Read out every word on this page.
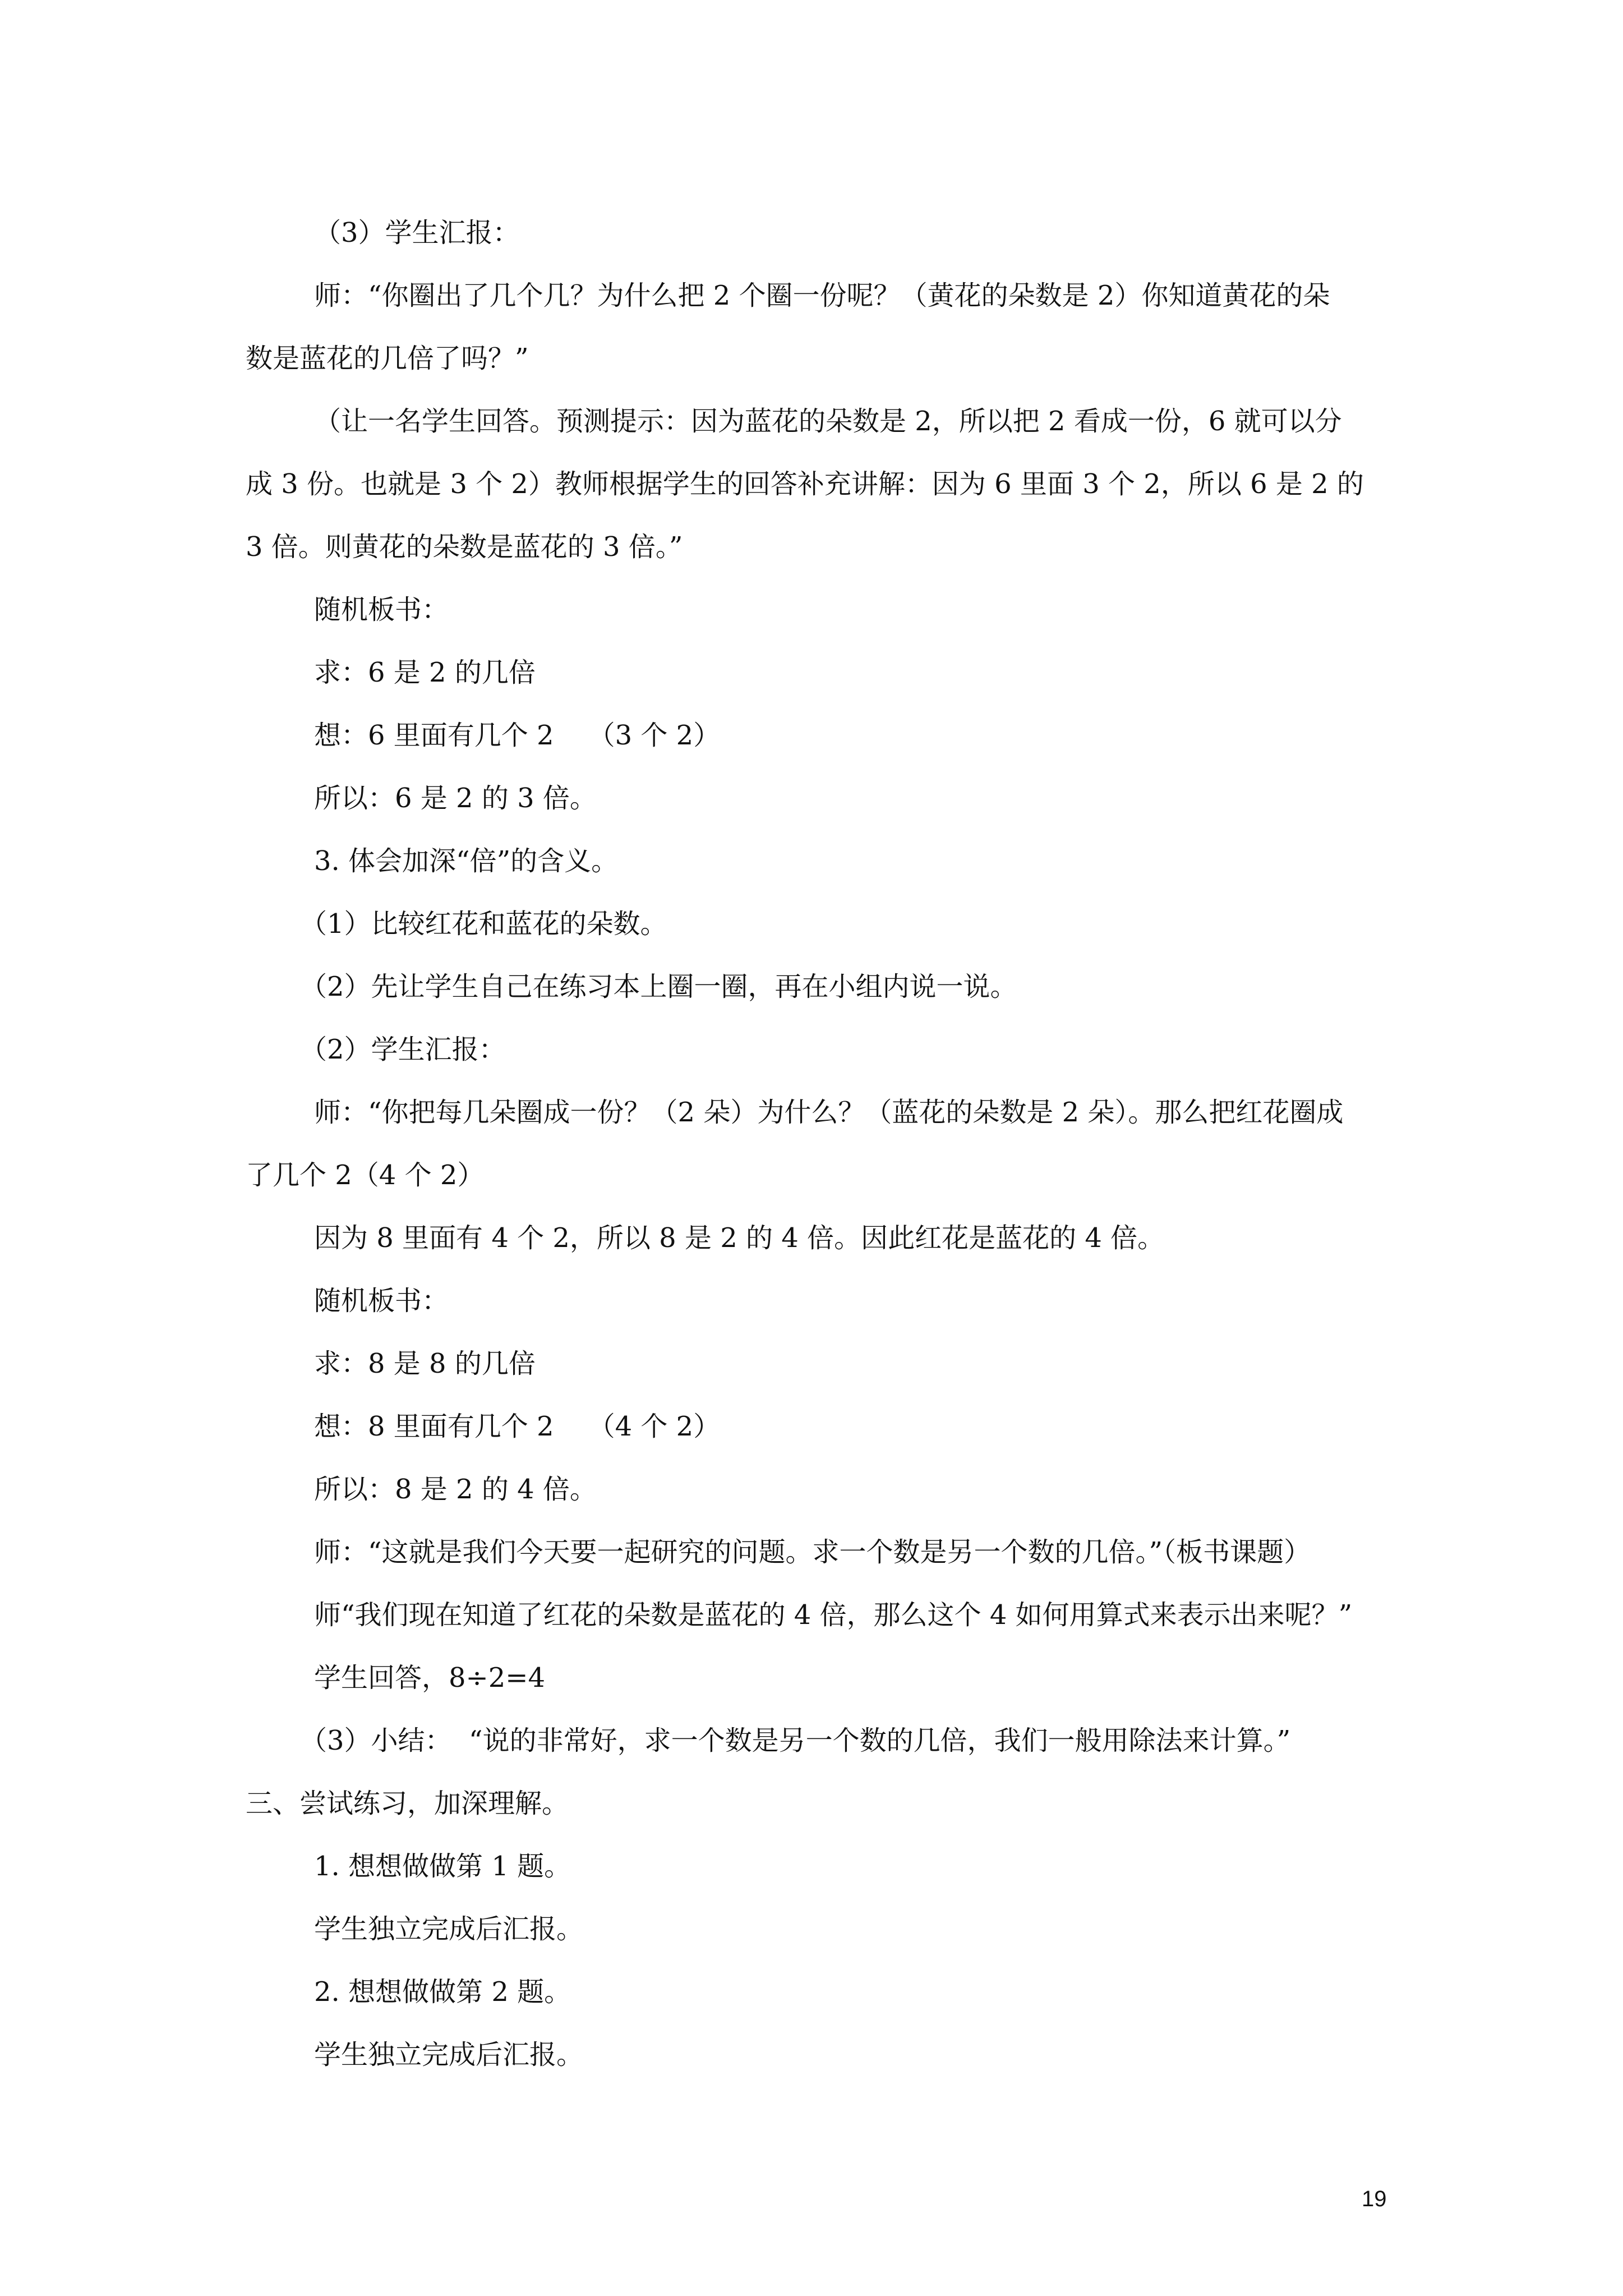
（3）学生汇报：
师：“你圈出了几个几？为什么把 2 个圈一份呢？（黄花的朵数是 2）你知道黄花的朵
数是蓝花的几倍了吗？”
（让一名学生回答。预测提示：因为蓝花的朵数是 2，所以把 2 看成一份，6 就可以分
成 3 份。也就是 3 个 2）教师根据学生的回答补充讲解：因为 6 里面 3 个 2，所以 6 是 2 的
3 倍。则黄花的朵数是蓝花的 3 倍。”
随机板书：
求：6 是 2 的几倍
想：6 里面有几个 2    （3 个 2）
所以：6 是 2 的 3 倍。
3. 体会加深“倍”的含义。
（1）比较红花和蓝花的朵数。
（2）先让学生自己在练习本上圈一圈，再在小组内说一说。
（2）学生汇报：
师：“你把每几朵圈成一份？（2 朵）为什么？（蓝花的朵数是 2 朵）。那么把红花圈成
了几个 2（4 个 2）
因为 8 里面有 4 个 2，所以 8 是 2 的 4 倍。因此红花是蓝花的 4 倍。
随机板书：
求：8 是 8 的几倍
想：8 里面有几个 2    （4 个 2）
所以：8 是 2 的 4 倍。
师：“这就是我们今天要一起研究的问题。求一个数是另一个数的几倍。”（板书课题）
师“我们现在知道了红花的朵数是蓝花的 4 倍，那么这个 4 如何用算式来表示出来呢？”
学生回答，8÷2=4
（3）小结：  “说的非常好，求一个数是另一个数的几倍，我们一般用除法来计算。”
三、尝试练习，加深理解。
1. 想想做做第 1 题。
学生独立完成后汇报。
2. 想想做做第 2 题。
学生独立完成后汇报。
19
